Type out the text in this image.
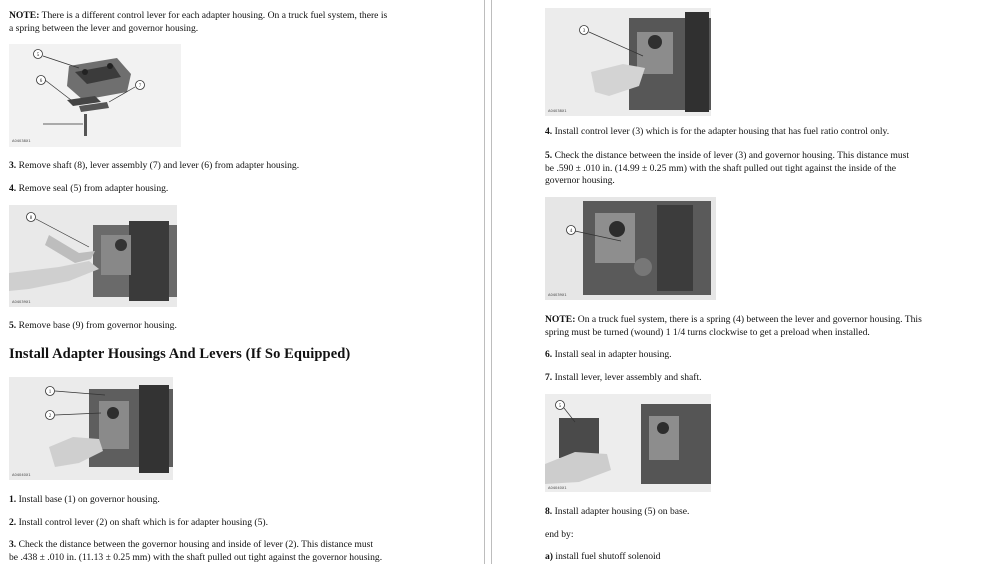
NOTE: There is a different control lever for each adapter housing. On a truck fuel system, there is
a spring between the lever and governor housing.
5
6
7
A04038X1
3. Remove shaft (8), lever assembly (7) and lever (6) from adapter housing.
4. Remove seal (5) from adapter housing.
8
A04039X1
5. Remove base (9) from governor housing.
Install Adapter Housings And Levers (If So Equipped)
1
2
A04040X1
1. Install base (1) on governor housing.
2. Install control lever (2) on shaft which is for adapter housing (5).
3. Check the distance between the governor housing and inside of lever (2). This distance must
be .438 ± .010 in. (11.13 ± 0.25 mm) with the shaft pulled out tight against the governor housing.
3
A04038X1
4. Install control lever (3) which is for the adapter housing that has fuel ratio control only.
5. Check the distance between the inside of lever (3) and governor housing. This distance must
be .590 ± .010 in. (14.99 ± 0.25 mm) with the shaft pulled out tight against the inside of the
governor housing.
4
A04039X1
NOTE: On a truck fuel system, there is a spring (4) between the lever and governor housing. This
spring must be turned (wound) 1 1/4 turns clockwise to get a preload when installed.
6. Install seal in adapter housing.
7. Install lever, lever assembly and shaft.
5
A04040X1
8. Install adapter housing (5) on base.
end by:
a) install fuel shutoff solenoid
